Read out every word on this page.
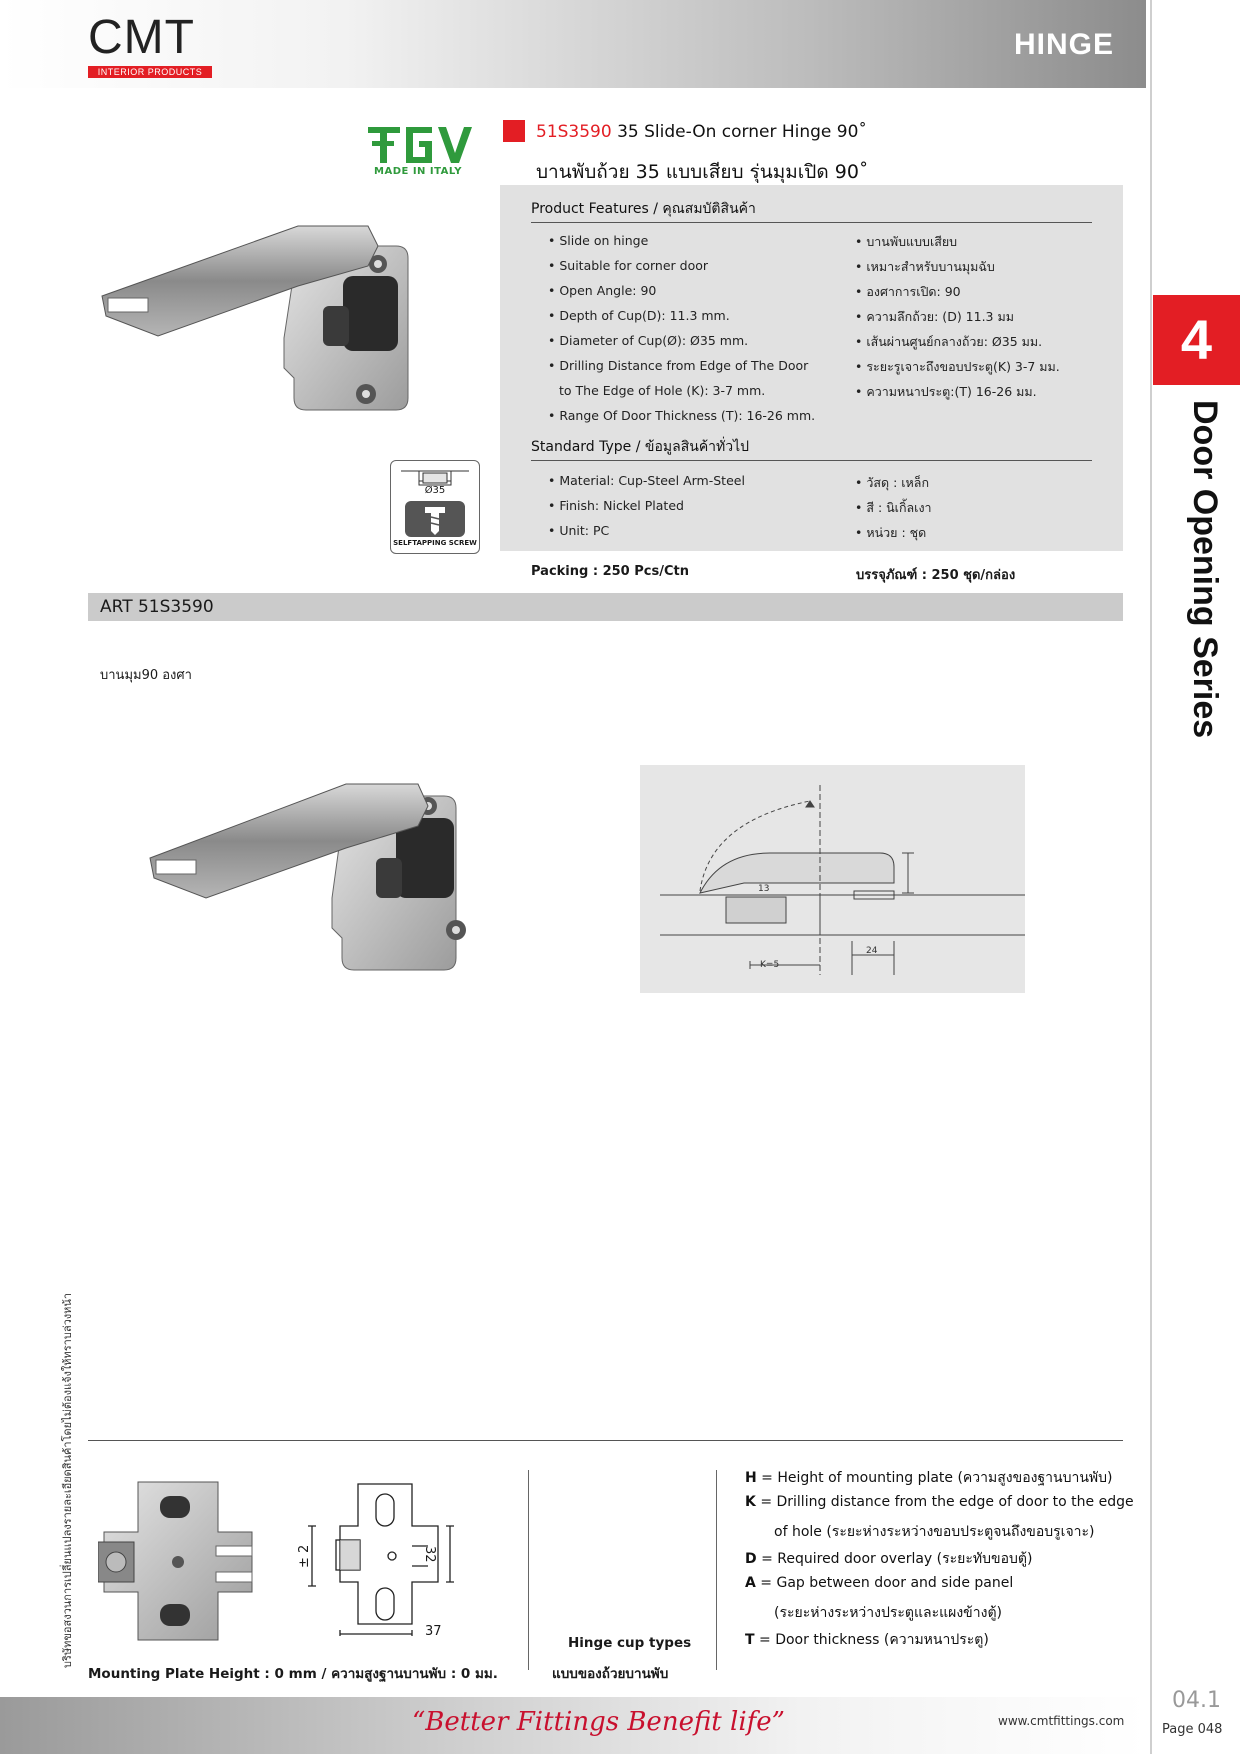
CMT
INTERIOR PRODUCTS
HINGE
4
Door Opening Series
MADE IN ITALY
51S3590 35 Slide-On corner Hinge 90˚
บานพับถ้วย 35 แบบเสียบ รุ่นมุมเปิด 90˚
Ø35
SELFTAPPING SCREW
Product Features / คุณสมบัติสินค้า
• Slide on hinge
• Suitable for corner door
• Open Angle: 90
• Depth of Cup(D): 11.3 mm.
• Diameter of Cup(Ø): Ø35 mm.
• Drilling Distance from Edge of The Door
to The Edge of Hole (K): 3-7 mm.
• Range Of Door Thickness (T): 16-26 mm.
• บานพับแบบเสียบ
• เหมาะสำหรับบานมุมฉับ
• องศาการเปิด: 90
• ความลึกถ้วย: (D) 11.3 มม
• เส้นผ่านศูนย์กลางถ้วย: Ø35 มม.
• ระยะรูเจาะถึงขอบประตู(K) 3-7 มม.
• ความหนาประตู:(T) 16-26 มม.
Standard Type / ข้อมูลสินค้าทั่วไป
• Material: Cup-Steel Arm-Steel
• Finish: Nickel Plated
• Unit: PC
• วัสดุ : เหล็ก
• สี : นิเกิ้ลเงา
• หน่วย : ชุด
Packing : 250 Pcs/Ctn	บรรจุภัณฑ์ : 250 ชุด/กล่อง
ART 51S3590
บานมุม90 องศา
K=5
24
13
บริษัทขอสงวนการเปลี่ยนแปลงรายละเอียดสินค้าโดยไม่ต้องแจ้งให้ทราบล่วงหน้า	37
32
± 2
Mounting Plate Height : 0 mm / ความสูงฐานบานพับ : 0 มม.
Hinge cup types
แบบของถ้วยบานพับ
H = Height of mounting plate (ความสูงของฐานบานพับ)
K = Drilling distance from the edge of door to the edge
of hole (ระยะห่างระหว่างขอบประตูจนถึงขอบรูเจาะ)
D = Required door overlay (ระยะทับขอบตู้)
A = Gap between door and side panel
(ระยะห่างระหว่างประตูและแผงข้างตู้)
T = Door thickness (ความหนาประตู)
“Better Fittings Benefit life”	www.cmtfittings.com
04.1
Page 048
